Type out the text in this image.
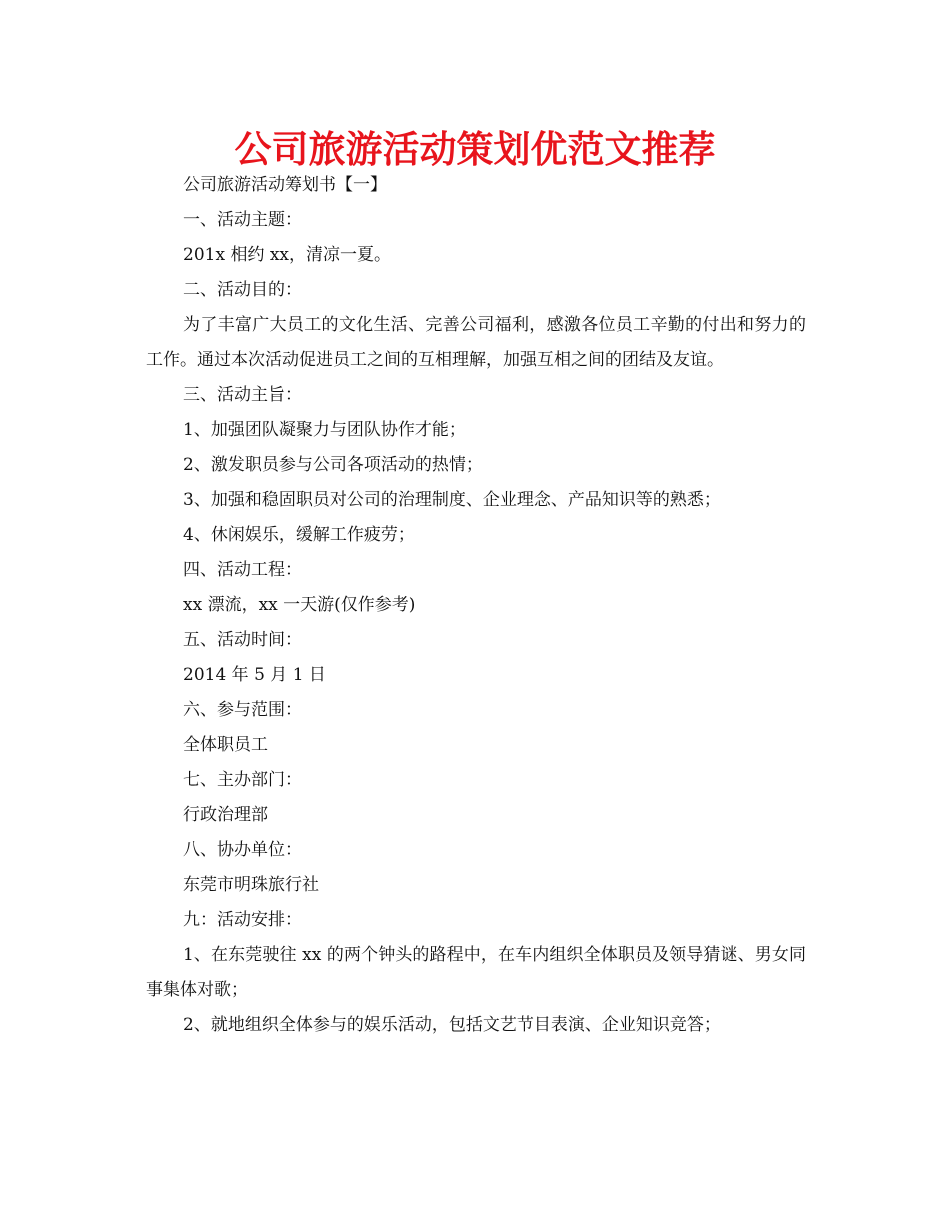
公司旅游活动策划优范文推荐

公司旅游活动筹划书【一】

一、活动主题：

201x 相约 xx，清凉一夏。

二、活动目的：

为了丰富广大员工的文化生活、完善公司福利，感激各位员工辛勤的付出和努力的工作。通过本次活动促进员工之间的互相理解，加强互相之间的团结及友谊。

三、活动主旨：

1、加强团队凝聚力与团队协作才能；

2、激发职员参与公司各项活动的热情；

3、加强和稳固职员对公司的治理制度、企业理念、产品知识等的熟悉；

4、休闲娱乐，缓解工作疲劳；

四、活动工程：

xx 漂流，xx 一天游(仅作参考)

五、活动时间：

2014 年 5 月 1 日

六、参与范围：

全体职员工

七、主办部门：

行政治理部

八、协办单位：

东莞市明珠旅行社

九：活动安排：

1、在东莞驶往 xx 的两个钟头的路程中，在车内组织全体职员及领导猜谜、男女同事集体对歌；

2、就地组织全体参与的娱乐活动，包括文艺节目表演、企业知识竞答；
